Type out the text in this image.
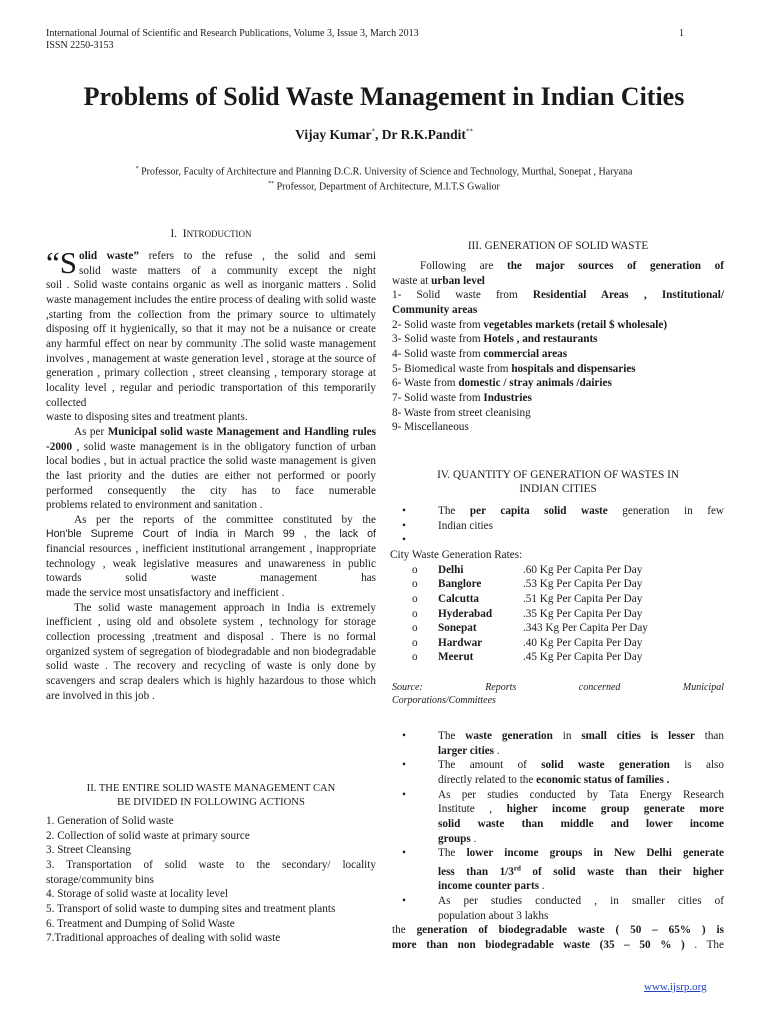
International Journal of Scientific and Research Publications, Volume 3, Issue 3, March 2013
ISSN 2250-3153
1
Problems of Solid Waste Management in Indian Cities
Vijay Kumar*, Dr R.K.Pandit**
* Professor, Faculty of Architecture and Planning D.C.R. University of Science and Technology, Murthal, Sonepat , Haryana
** Professor, Department of Architecture, M.I.T.S Gwalior
I. INTRODUCTION

“S olid waste” refers to the refuse , the solid and semi
solid waste matters of a community except the night

soil . Solid waste contains organic as well as inorganic matters . Solid waste management includes the entire process of dealing with solid waste ,starting from the collection from the primary source to ultimately disposing off it hygienically, so that it may not be a nuisance or create any harmful effect on near by community .The solid waste management involves , management at waste generation level , storage at the source of generation , primary collection , street cleansing , temporary storage at locality level , regular and periodic transportation of this temporarily collected

waste to disposing sites and treatment plants.

As per Municipal solid waste Management and Handling rules -2000 , solid waste management is in the obligatory function of urban local bodies , but in actual practice the solid waste management is given the last priority and the duties are either not performed or poorly performed consequently the city has to face numerable

problems related to environment and sanitation .

As per the reports of the committee constituted by the

Hon'ble Supreme Court of India in March 99 , the lack of

financial resources , inefficient institutional arrangement , inappropriate technology , weak legislative measures and unawareness in public towards solid waste management has

made the service most unsatisfactory and inefficient .

The solid waste management approach in India is extremely inefficient , using old and obsolete system , technology for storage collection processing ,treatment and disposal . There is no formal organized system of segregation of biodegradable and non biodegradable solid waste . The recovery and recycling of waste is only done by scavengers and scrap dealers which is highly hazardous to those which

are involved in this job .

II. THE ENTIRE SOLID WASTE MANAGEMENT CAN
BE DIVIDED IN FOLLOWING ACTIONS
1. Generation of Solid waste
2. Collection of solid waste at primary source
3. Street Cleansing
3. Transportation of solid waste to the secondary/ locality
storage/community bins
4. Storage of solid waste at locality level
5. Transport of solid waste to dumping sites and treatment plants
6. Treatment and Dumping of Solid Waste
7.Traditional approaches of dealing with solid waste
III. GENERATION OF SOLID WASTE

Following are the major sources of generation of

waste at urban level

1- Solid waste from Residential Areas , Institutional/

Community areas

2- Solid waste from vegetables markets (retail $ wholesale)

3- Solid waste from Hotels , and restaurants

4- Solid waste from commercial areas

5- Biomedical waste from hospitals and dispensaries

6- Waste from domestic / stray animals /dairies

7- Solid waste from Industries

8- Waste from street cleanising

9- Miscellaneous

IV. QUANTITY OF GENERATION OF WASTES IN
INDIAN CITIES
• The per capita solid waste generation in few
• Indian cities
•
City Waste Generation Rates:
o Delhi	.60 Kg Per Capita Per Day
o Banglore	.53 Kg Per Capita Per Day
o Calcutta	.51 Kg Per Capita Per Day
o Hyderabad	.35 Kg Per Capita Per Day
o Sonepat	.343 Kg Per Capita Per Day
o Hardwar	.40 Kg Per Capita Per Day
o Meerut	.45 Kg Per Capita Per Day
Source: Reports concerned Municipal
Corporations/Committees
• The waste generation in small cities is lesser than
larger cities .
• The amount of solid waste generation is also
directly related to the economic status of families .
• As per studies conducted by Tata Energy Research
Institute , higher income group generate more
solid waste than middle and lower income
groups .
• The lower income groups in New Delhi generate
less than 1/3rd of solid waste than their higher
income counter parts .
• As per studies conducted , in smaller cities of
population about 3 lakhs
the generation of biodegradable waste ( 50 – 65% ) is
more than non biodegradable waste (35 – 50 % ) . The
www.ijsrp.org
